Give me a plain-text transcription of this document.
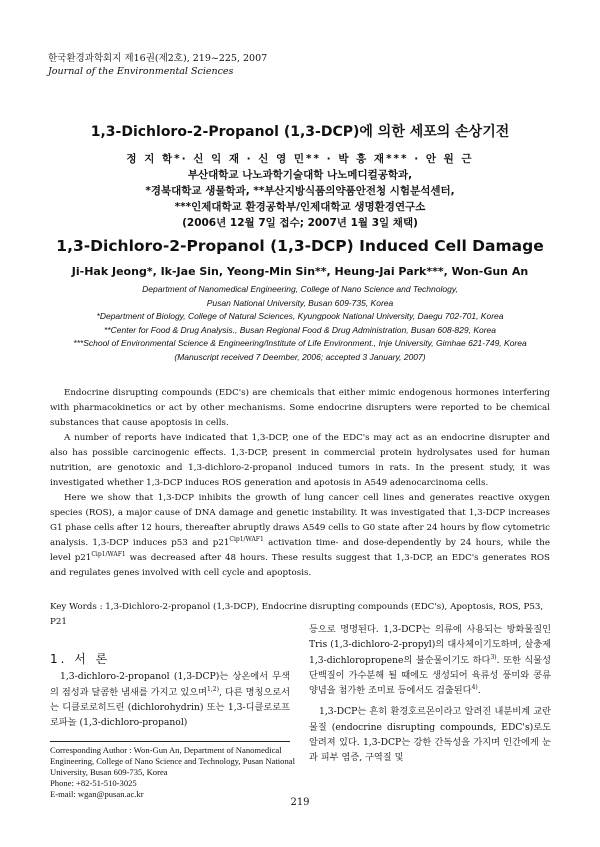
한국환경과학회지 제16권(제2호), 219~225, 2007
Journal of the Environmental Sciences
1,3-Dichloro-2-Propanol (1,3-DCP)에 의한 세포의 손상기전
정 지 학*· 신 익 재 · 신 영 민** · 박 흥 재*** · 안 원 근
부산대학교 나노과학기술대학 나노메디컬공학과,
*경북대학교 생물학과, **부산지방식품의약품안전청 시험분석센터,
***인제대학교 환경공학부/인제대학교 생명환경연구소
(2006년 12월 7일 접수; 2007년 1월 3일 채택)
1,3-Dichloro-2-Propanol (1,3-DCP) Induced Cell Damage
Ji-Hak Jeong*, Ik-Jae Sin, Yeong-Min Sin**, Heung-Jai Park***, Won-Gun An

Department of Nanomedical Engineering, College of Nano Science and Technology,

Pusan National University, Busan 609-735, Korea

*Department of Biology, College of Natural Sciences, Kyungpook National University, Daegu 702-701, Korea

**Center for Food & Drug Analysis., Busan Regional Food & Drug Administration, Busan 608-829, Korea

***School of Environmental Science & Engineering/Institute of Life Environment., Inje University, Gimhae 621-749, Korea

(Manuscript received 7 Deember, 2006; accepted 3 January, 2007)

Endocrine disrupting compounds (EDC's) are chemicals that either mimic endogenous hormones interfering with pharmacokinetics or act by other mechanisms. Some endocrine disrupters were reported to be chemical substances that cause apoptosis in cells.

A number of reports have indicated that 1,3-DCP, one of the EDC's may act as an endocrine disrupter and also has possible carcinogenic effects. 1,3-DCP, present in commercial protein hydrolysates used for human nutrition, are genotoxic and 1,3-dichloro-2-propanol induced tumors in rats. In the present study, it was investigated whether 1,3-DCP induces ROS generation and apotosis in A549 adenocarcinoma cells.

Here we show that 1,3-DCP inhibits the growth of lung cancer cell lines and generates reactive oxygen species (ROS), a major cause of DNA damage and genetic instability. It was investigated that 1,3-DCP increases G1 phase cells after 12 hours, thereafter abruptly draws A549 cells to G0 state after 24 hours by flow cytometric analysis. 1,3-DCP induces p53 and $p21^{Cip1/WAF1}$ activation time- and dose-dependently by 24 hours, while the level $p21^{Cip1/WAF1}$ was decreased after 48 hours. These results suggest that 1,3-DCP, an EDC's generates ROS and regulates genes involved with cell cycle and apoptosis.

Key Words : 1,3-Dichloro-2-propanol (1,3-DCP), Endocrine disrupting compounds (EDC's), Apoptosis, ROS, P53, P21
1. 서 론

1,3-dichloro-2-propanol (1,3-DCP)는 상온에서 무색의 점성과 달콤한 냄새를 가지고 있으며$^{1,2)}$, 다른 명칭으로서는 디클로로히드린 (dichlorohydrin) 또는 1,3-디클로로프로파놀 (1,3-dichloro-propanol)

Corresponding Author : Won-Gun An, Department of Nanomedical Engineering, College of Nano Science and Technology, Pusan National University, Busan 609-735, Korea

Phone: +82-51-510-3025

E-mail: wgan@pusan.ac.kr

등으로 명명된다. 1,3-DCP는 의류에 사용되는 방화물질인 Tris (1,3-dichloro-2-propyl)의 대사체이기도하며, 살충제 1,3-dichloropropene의 불순물이기도 하다$^{3)}$. 또한 식물성단백질이 가수분해 될 때에도 생성되어 육류성 풍미와 콩류 양념을 첨가한 조미료 등에서도 검출된다$^{4)}$.

1,3-DCP는 흔히 환경호르몬이라고 알려진 내분비계 교란물질 (endocrine disrupting compounds, EDC's)로도 알려져 있다. 1,3-DCP는 강한 간독성을 가지며 인간에게 눈과 피부 염증, 구역질 및

219
